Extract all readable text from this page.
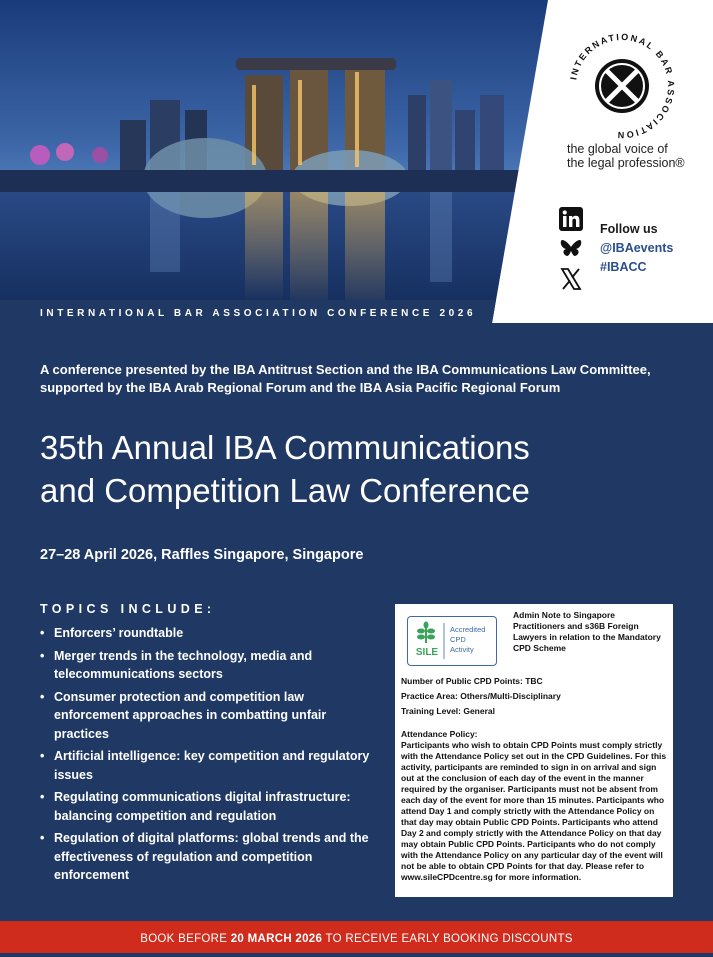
INTERNATIONAL BAR ASSOCIATION CONFERENCE 2026
INTERNATIONAL BAR ASSOCIATION
the global voice of
the legal profession®
Follow us
@IBAevents
#IBACC
A conference presented by the IBA Antitrust Section and the IBA Communications Law Committee, supported by the IBA Arab Regional Forum and the IBA Asia Pacific Regional Forum
35th Annual IBA Communications
and Competition Law Conference
27–28 April 2026, Raffles Singapore, Singapore
TOPICS INCLUDE:
• Enforcers’ roundtable
• Merger trends in the technology, media and telecommunications sectors
• Consumer protection and competition law enforcement approaches in combatting unfair practices
• Artificial intelligence: key competition and regulatory issues
• Regulating communications digital infrastructure: balancing competition and regulation
• Regulation of digital platforms: global trends and the effectiveness of regulation and competition enforcement
SILE
Accredited
CPD
Activity
Admin Note to Singapore Practitioners and s36B Foreign Lawyers in relation to the Mandatory CPD Scheme

Number of Public CPD Points: TBC

Practice Area: Others/Multi-Disciplinary

Training Level: General

Attendance Policy:

Participants who wish to obtain CPD Points must comply strictly with the Attendance Policy set out in the CPD Guidelines. For this activity, participants are reminded to sign in on arrival and sign out at the conclusion of each day of the event in the manner required by the organiser. Participants must not be absent from each day of the event for more than 15 minutes. Participants who attend Day 1 and comply strictly with the Attendance Policy on that day may obtain Public CPD Points. Participants who attend Day 2 and comply strictly with the Attendance Policy on that day may obtain Public CPD Points. Participants who do not comply with the Attendance Policy on any particular day of the event will not be able to obtain CPD Points for that day. Please refer to www.sileCPDcentre.sg for more information.

BOOK BEFORE 20 MARCH 2026 TO RECEIVE EARLY BOOKING DISCOUNTS
